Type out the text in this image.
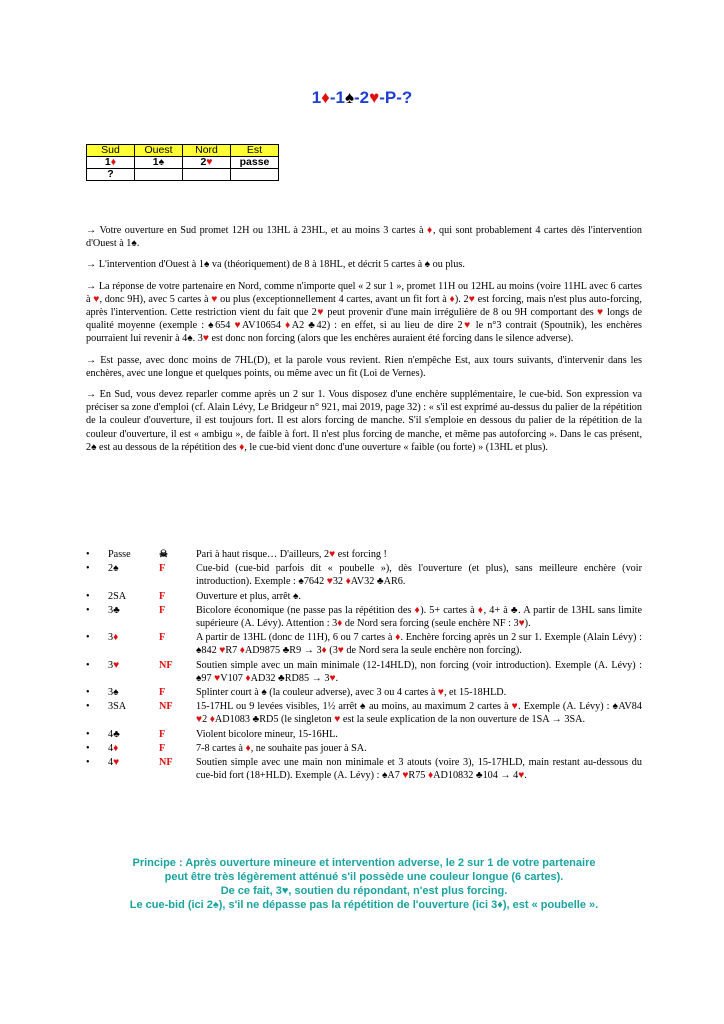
1♦-1♠-2♥-P-?
Sud	Ouest	Nord	Est
1♦	1♠	2♥	passe
?			

→ Votre ouverture en Sud promet 12H ou 13HL à 23HL, et au moins 3 cartes à ♦, qui sont probablement 4 cartes dès l'intervention d'Ouest à 1♠.

→ L'intervention d'Ouest à 1♠ va (théoriquement) de 8 à 18HL, et décrit 5 cartes à ♠ ou plus.

→ La réponse de votre partenaire en Nord, comme n'importe quel « 2 sur 1 », promet 11H ou 12HL au moins (voire 11HL avec 6 cartes à ♥, donc 9H), avec 5 cartes à ♥ ou plus (exceptionnellement 4 cartes, avant un fit fort à ♦). 2♥ est forcing, mais n'est plus auto-forcing, après l'intervention. Cette restriction vient du fait que 2♥ peut provenir d'une main irrégulière de 8 ou 9H comportant des ♥ longs de qualité moyenne (exemple : ♠654 ♥AV10654 ♦A2 ♣42) : en effet, si au lieu de dire 2♥ le n°3 contrait (Spoutnik), les enchères pourraient lui revenir à 4♠. 3♥ est donc non forcing (alors que les enchères auraient été forcing dans le silence adverse).

→ Est passe, avec donc moins de 7HL(D), et la parole vous revient. Rien n'empêche Est, aux tours suivants, d'intervenir dans les enchères, avec une longue et quelques points, ou même avec un fit (Loi de Vernes).

→ En Sud, vous devez reparler comme après un 2 sur 1. Vous disposez d'une enchère supplémentaire, le cue-bid. Son expression va préciser sa zone d'emploi (cf. Alain Lévy, Le Bridgeur n° 921, mai 2019, page 32) : « s'il est exprimé au-dessus du palier de la répétition de la couleur d'ouverture, il est toujours fort. Il est alors forcing de manche. S'il s'emploie en dessous du palier de la répétition de la couleur d'ouverture, il est « ambigu », de faible à fort. Il n'est plus forcing de manche, et même pas autoforcing ». Dans le cas présent, 2♠ est au dessous de la répétition des ♦, le cue-bid vient donc d'une ouverture « faible (ou forte) » (13HL et plus).

• Passe	☠	Pari à haut risque… D'ailleurs, 2♥ est forcing !
• 2♠	F	Cue-bid (cue-bid parfois dit « poubelle »), dès l'ouverture (et plus), sans meilleure enchère (voir introduction). Exemple : ♠7642 ♥32 ♦AV32 ♣AR6.
• 2SA	F	Ouverture et plus, arrêt ♠.
• 3♣	F	Bicolore économique (ne passe pas la répétition des ♦). 5+ cartes à ♦, 4+ à ♣. A partir de 13HL sans limite supérieure (A. Lévy). Attention : 3♦ de Nord sera forcing (seule enchère NF : 3♥).
• 3♦	F	A partir de 13HL (donc de 11H), 6 ou 7 cartes à ♦. Enchère forcing après un 2 sur 1. Exemple (Alain Lévy) : ♠842 ♥R7 ♦AD9875 ♣R9 → 3♦ (3♥ de Nord sera la seule enchère non forcing).
• 3♥	NF	Soutien simple avec un main minimale (12-14HLD), non forcing (voir introduction). Exemple (A. Lévy) : ♠97 ♥V107 ♦AD32 ♣RD85 → 3♥.
• 3♠	F	Splinter court à ♠ (la couleur adverse), avec 3 ou 4 cartes à ♥, et 15-18HLD.
• 3SA	NF	15-17HL ou 9 levées visibles, 1½ arrêt ♠ au moins, au maximum 2 cartes à ♥. Exemple (A. Lévy) : ♠AV84 ♥2 ♦AD1083 ♣RD5 (le singleton ♥ est la seule explication de la non ouverture de 1SA → 3SA.
• 4♣	F	Violent bicolore mineur, 15-16HL.
• 4♦	F	7-8 cartes à ♦, ne souhaite pas jouer à SA.
• 4♥	NF	Soutien simple avec une main non minimale et 3 atouts (voire 3), 15-17HLD, main restant au-dessous du cue-bid fort (18+HLD). Exemple (A. Lévy) : ♠A7 ♥R75 ♦AD10832 ♣104 → 4♥.
Principe : Après ouverture mineure et intervention adverse, le 2 sur 1 de votre partenaire
peut être très légèrement atténué s'il possède une couleur longue (6 cartes).
De ce fait, 3♥, soutien du répondant, n'est plus forcing.
Le cue-bid (ici 2♠), s'il ne dépasse pas la répétition de l'ouverture (ici 3♦), est « poubelle ».
